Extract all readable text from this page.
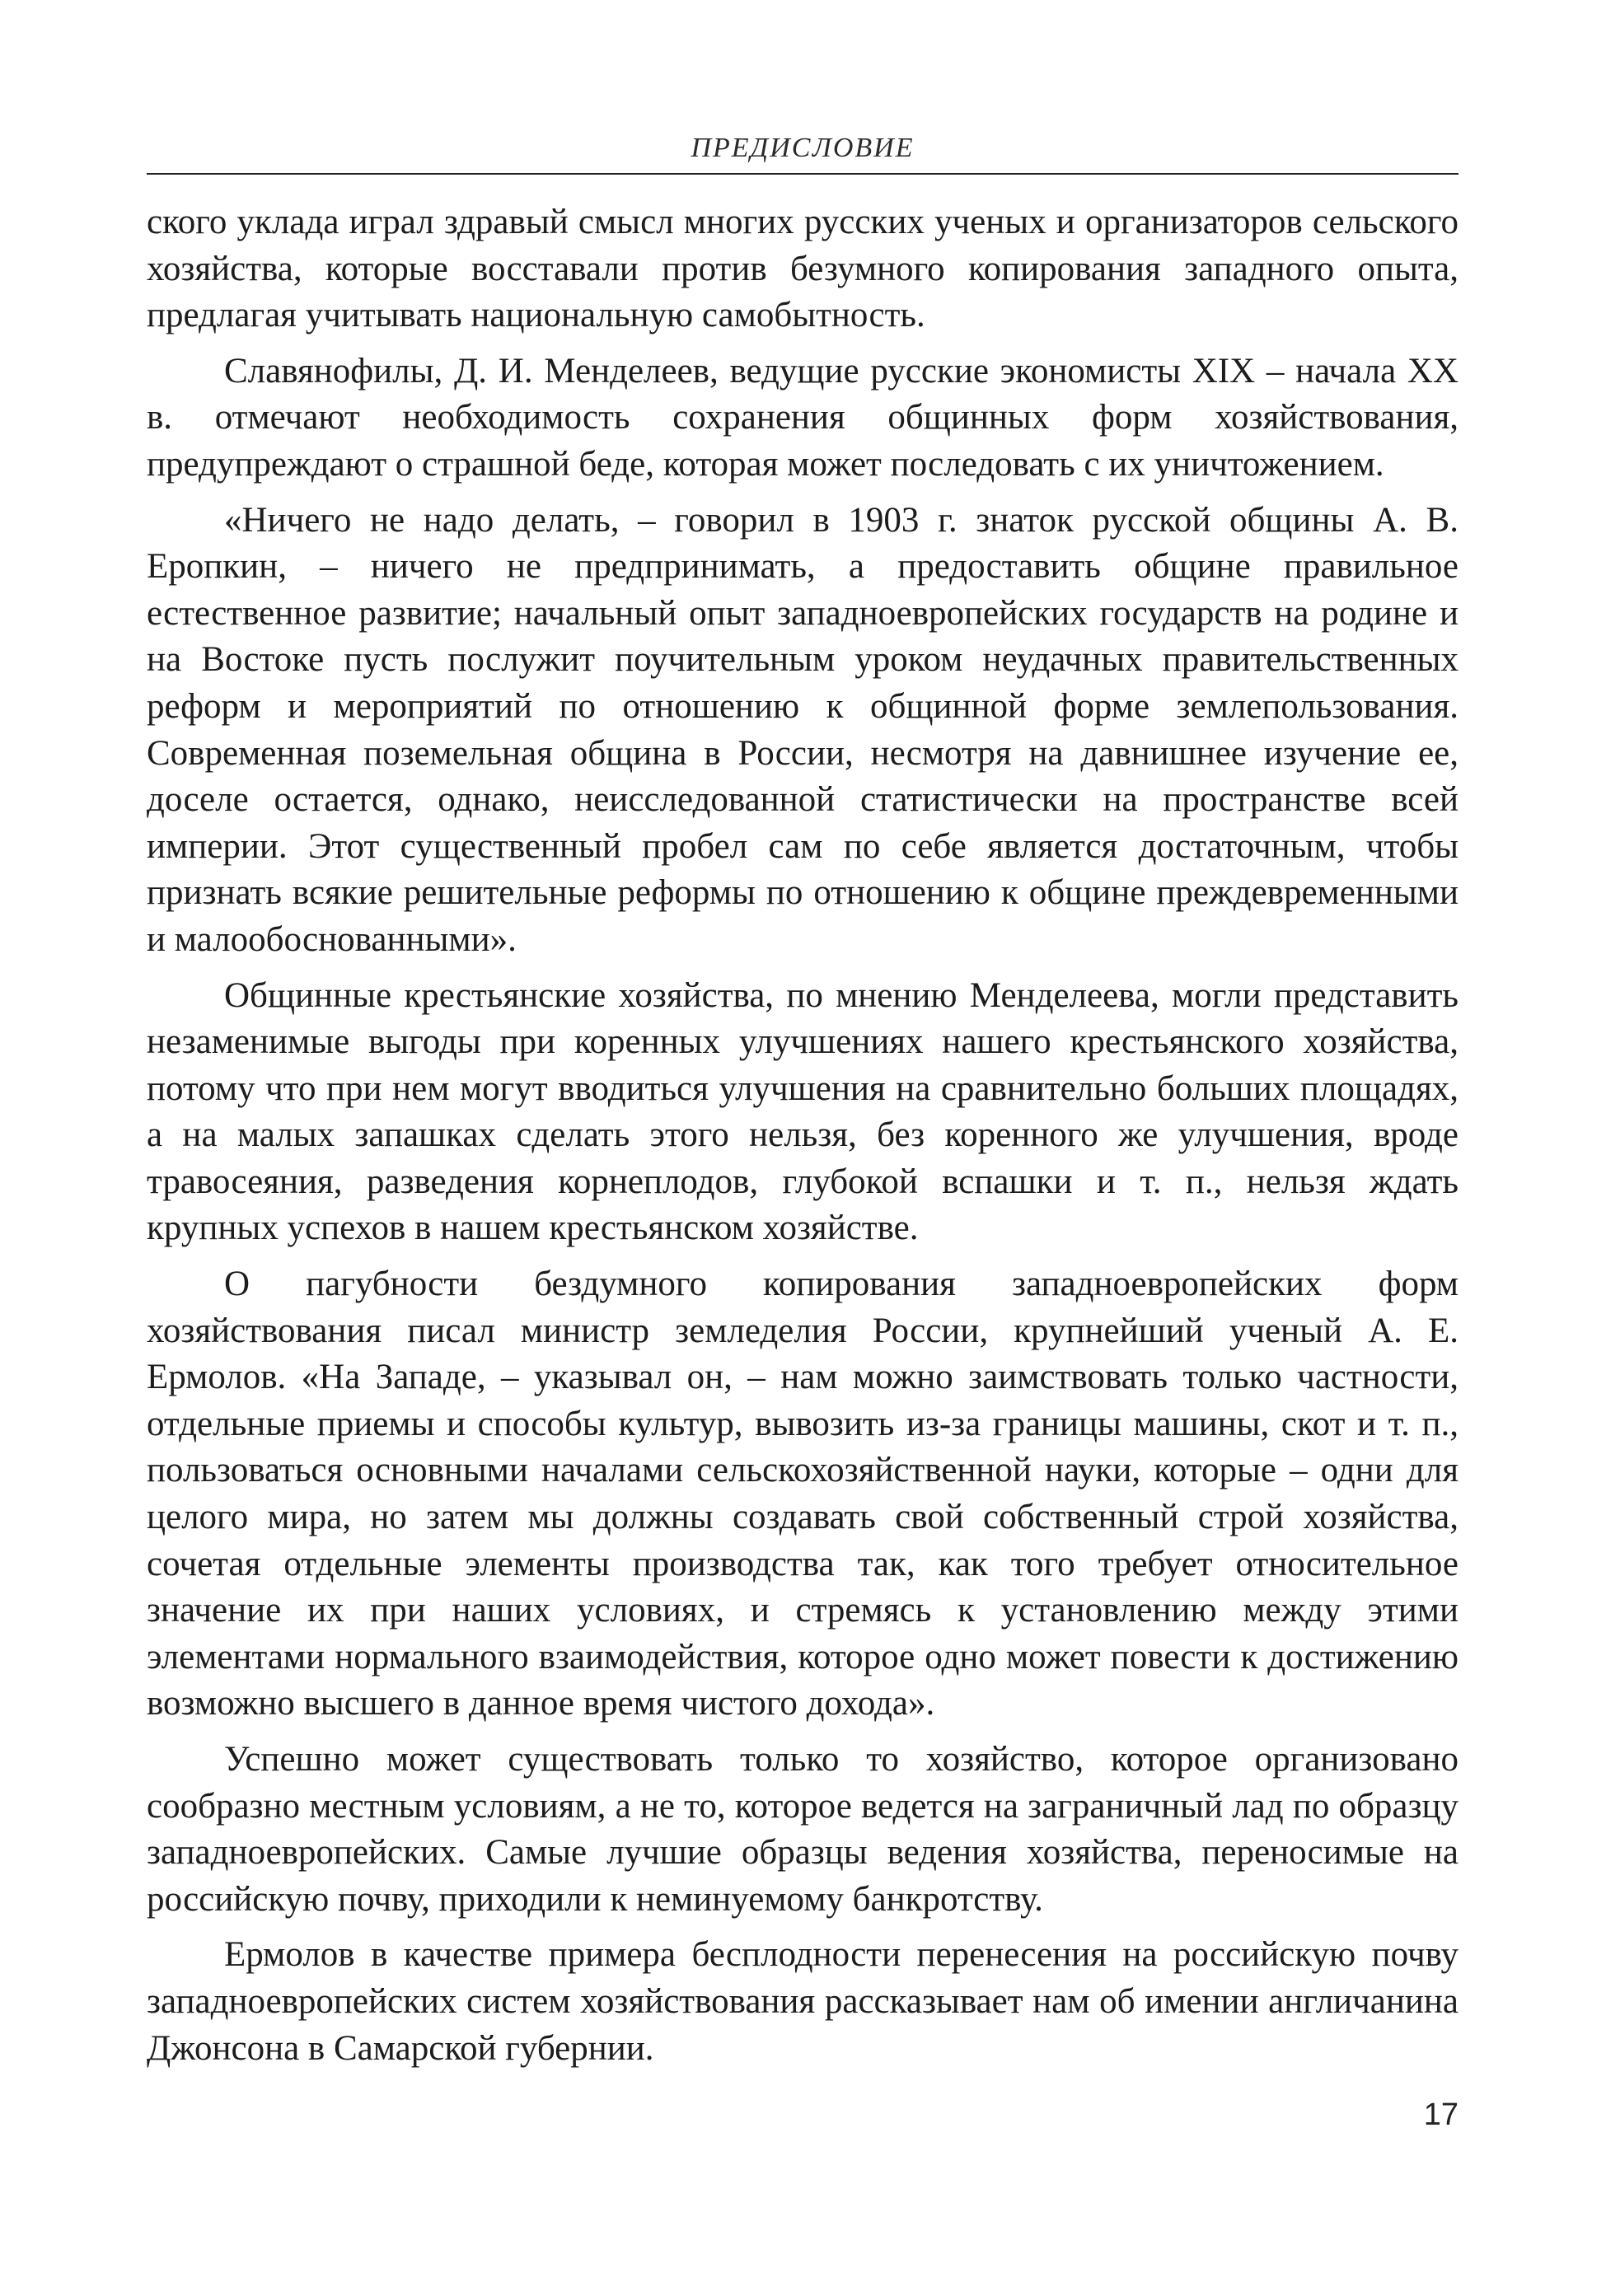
ПРЕДИСЛОВИЕ

ского уклада играл здравый смысл многих русских ученых и организаторов сельского хозяйства, которые восставали против безумного копирования западного опыта, предлагая учитывать национальную самобытность.

Славянофилы, Д. И. Менделеев, ведущие русские экономисты XIX – начала XX в. отмечают необходимость сохранения общинных форм хозяйствования, предупреждают о страшной беде, которая может последовать с их уничтожением.

«Ничего не надо делать, – говорил в 1903 г. знаток русской общины А. В. Еропкин, – ничего не предпринимать, а предоставить общине правильное естественное развитие; начальный опыт западноевропейских государств на родине и на Востоке пусть послужит поучительным уроком неудачных правительственных реформ и мероприятий по отношению к общинной форме землепользования. Современная поземельная община в России, несмотря на давнишнее изучение ее, доселе остается, однако, неисследованной статистически на пространстве всей империи. Этот существенный пробел сам по себе является достаточным, чтобы признать всякие решительные реформы по отношению к общине преждевременными и малообоснованными».

Общинные крестьянские хозяйства, по мнению Менделеева, могли представить незаменимые выгоды при коренных улучшениях нашего крестьянского хозяйства, потому что при нем могут вводиться улучшения на сравнительно больших площадях, а на малых запашках сделать этого нельзя, без коренного же улучшения, вроде травосеяния, разведения корнеплодов, глубокой вспашки и т. п., нельзя ждать крупных успехов в нашем крестьянском хозяйстве.

О пагубности бездумного копирования западноевропейских форм хозяйствования писал министр земледелия России, крупнейший ученый А. Е. Ермолов. «На Западе, – указывал он, – нам можно заимствовать только частности, отдельные приемы и способы культур, вывозить из-за границы машины, скот и т. п., пользоваться основными началами сельскохозяйственной науки, которые – одни для целого мира, но затем мы должны создавать свой собственный строй хозяйства, сочетая отдельные элементы производства так, как того требует относительное значение их при наших условиях, и стремясь к установлению между этими элементами нормального взаимодействия, которое одно может повести к достижению возможно высшего в данное время чистого дохода».

Успешно может существовать только то хозяйство, которое организовано сообразно местным условиям, а не то, которое ведется на заграничный лад по образцу западноевропейских. Самые лучшие образцы ведения хозяйства, переносимые на российскую почву, приходили к неминуемому банкротству.

Ермолов в качестве примера бесплодности перенесения на российскую почву западноевропейских систем хозяйствования рассказывает нам об имении англичанина Джонсона в Самарской губернии.

17
